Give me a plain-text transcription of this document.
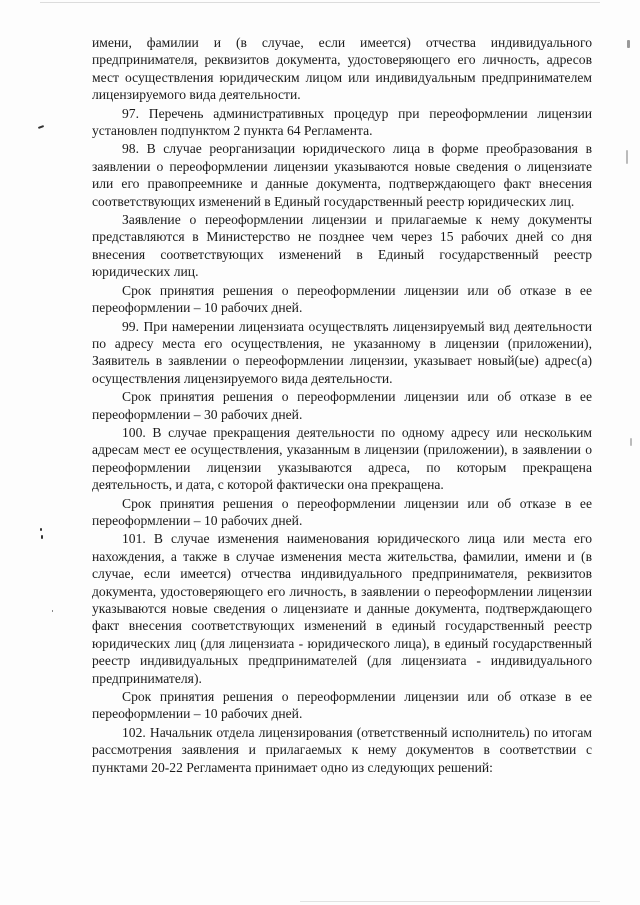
имени, фамилии и (в случае, если имеется) отчества индивидуального предпринимателя, реквизитов документа, удостоверяющего его личность, адресов мест осуществления юридическим лицом или индивидуальным предпринимателем лицензируемого вида деятельности.

97. Перечень административных процедур при переоформлении лицензии установлен подпунктом 2 пункта 64 Регламента.

98. В случае реорганизации юридического лица в форме преобразования в заявлении о переоформлении лицензии указываются новые сведения о лицензиате или его правопреемнике и данные документа, подтверждающего факт внесения соответствующих изменений в Единый государственный реестр юридических лиц.

Заявление о переоформлении лицензии и прилагаемые к нему документы представляются в Министерство не позднее чем через 15 рабочих дней со дня внесения соответствующих изменений в Единый государственный реестр юридических лиц.

Срок принятия решения о переоформлении лицензии или об отказе в ее переоформлении – 10 рабочих дней.

99. При намерении лицензиата осуществлять лицензируемый вид деятельности по адресу места его осуществления, не указанному в лицензии (приложении), Заявитель в заявлении о переоформлении лицензии, указывает новый(ые) адрес(а) осуществления лицензируемого вида деятельности.

Срок принятия решения о переоформлении лицензии или об отказе в ее переоформлении – 30 рабочих дней.

100. В случае прекращения деятельности по одному адресу или нескольким адресам мест ее осуществления, указанным в лицензии (приложении), в заявлении о переоформлении лицензии указываются адреса, по которым прекращена деятельность, и дата, с которой фактически она прекращена.

Срок принятия решения о переоформлении лицензии или об отказе в ее переоформлении – 10 рабочих дней.

101. В случае изменения наименования юридического лица или места его нахождения, а также в случае изменения места жительства, фамилии, имени и (в случае, если имеется) отчества индивидуального предпринимателя, реквизитов документа, удостоверяющего его личность, в заявлении о переоформлении лицензии указываются новые сведения о лицензиате и данные документа, подтверждающего факт внесения соответствующих изменений в единый государственный реестр юридических лиц (для лицензиата - юридического лица), в единый государственный реестр индивидуальных предпринимателей (для лицензиата - индивидуального предпринимателя).

Срок принятия решения о переоформлении лицензии или об отказе в ее переоформлении – 10 рабочих дней.

102. Начальник отдела лицензирования (ответственный исполнитель) по итогам рассмотрения заявления и прилагаемых к нему документов в соответствии с пунктами 20-22 Регламента принимает одно из следующих решений:
